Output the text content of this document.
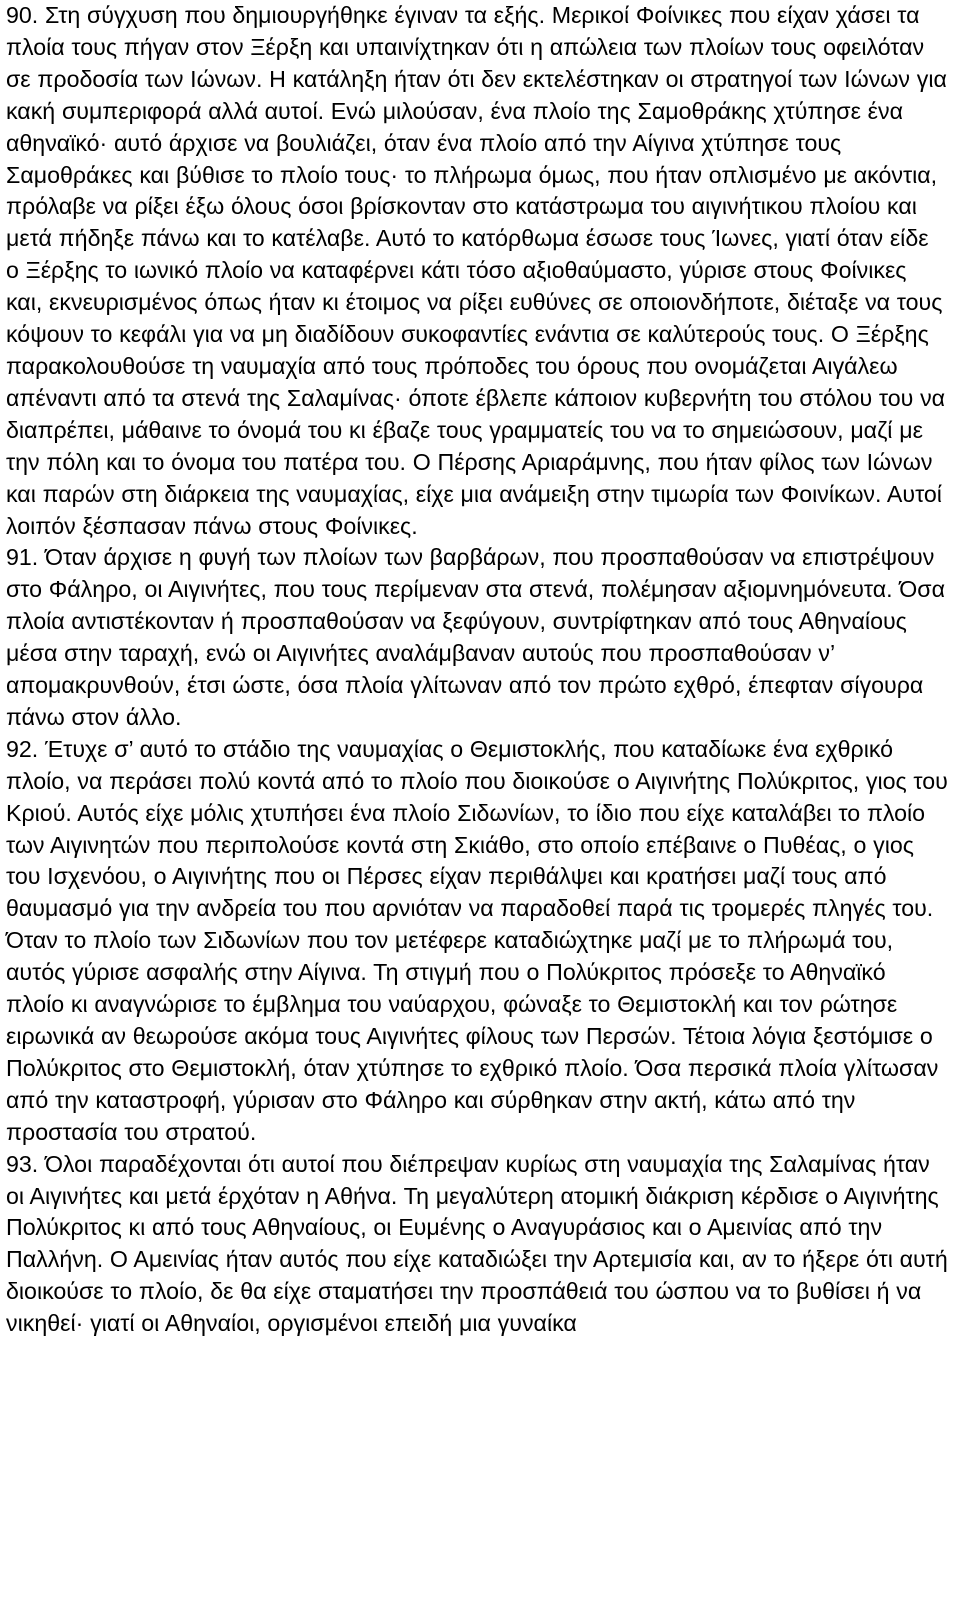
90. Στη σύγχυση που δημιουργήθηκε έγιναν τα εξής. Μερικοί Φοίνικες που είχαν χάσει τα πλοία τους πήγαν στον Ξέρξη και υπαινίχτηκαν ότι η απώλεια των πλοίων τους οφειλόταν σε προδοσία των Ιώνων. Η κατάληξη ήταν ότι δεν εκτελέστηκαν οι στρατηγοί των Ιώνων για κακή συμπεριφορά αλλά αυτοί. Ενώ μιλούσαν, ένα πλοίο της Σαμοθράκης χτύπησε ένα αθηναϊκό· αυτό άρχισε να βουλιάζει, όταν ένα πλοίο από την Αίγινα χτύπησε τους Σαμοθράκες και βύθισε το πλοίο τους· το πλήρωμα όμως, που ήταν οπλισμένο με ακόντια, πρόλαβε να ρίξει έξω όλους όσοι βρίσκονταν στο κατάστρωμα του αιγινήτικου πλοίου και μετά πήδηξε πάνω και το κατέλαβε. Αυτό το κατόρθωμα έσωσε τους Ίωνες, γιατί όταν είδε ο Ξέρξης το ιωνικό πλοίο να καταφέρνει κάτι τόσο αξιοθαύμαστο, γύρισε στους Φοίνικες και, εκνευρισμένος όπως ήταν κι έτοιμος να ρίξει ευθύνες σε οποιονδήποτε, διέταξε να τους κόψουν το κεφάλι για να μη διαδίδουν συκοφαντίες ενάντια σε καλύτερούς τους. Ο Ξέρξης παρακολουθούσε τη ναυμαχία από τους πρόποδες του όρους που ονομάζεται Αιγάλεω απέναντι από τα στενά της Σαλαμίνας· όποτε έβλεπε κάποιον κυβερνήτη του στόλου του να διαπρέπει, μάθαινε το όνομά του κι έβαζε τους γραμματείς του να το σημειώσουν, μαζί με την πόλη και το όνομα του πατέρα του. Ο Πέρσης Αριαράμνης, που ήταν φίλος των Ιώνων και παρών στη διάρκεια της ναυμαχίας, είχε μια ανάμειξη στην τιμωρία των Φοινίκων. Αυτοί λοιπόν ξέσπασαν πάνω στους Φοίνικες.

91. Όταν άρχισε η φυγή των πλοίων των βαρβάρων, που προσπαθούσαν να επιστρέψουν στο Φάληρο, οι Αιγινήτες, που τους περίμεναν στα στενά, πολέμησαν αξιομνημόνευτα. Όσα πλοία αντιστέκονταν ή προσπαθούσαν να ξεφύγουν, συντρίφτηκαν από τους Αθηναίους μέσα στην ταραχή, ενώ οι Αιγινήτες αναλάμβαναν αυτούς που προσπαθούσαν ν’ απομακρυνθούν, έτσι ώστε, όσα πλοία γλίτωναν από τον πρώτο εχθρό, έπεφταν σίγουρα πάνω στον άλλο.

92. Έτυχε σ’ αυτό το στάδιο της ναυμαχίας ο Θεμιστοκλής, που καταδίωκε ένα εχθρικό πλοίο, να περάσει πολύ κοντά από το πλοίο που διοικούσε ο Αιγινήτης Πολύκριτος, γιος του Κριού. Αυτός είχε μόλις χτυπήσει ένα πλοίο Σιδωνίων, το ίδιο που είχε καταλάβει το πλοίο των Αιγινητών που περιπολούσε κοντά στη Σκιάθο, στο οποίο επέβαινε ο Πυθέας, ο γιος του Ισχενόου, ο Αιγινήτης που οι Πέρσες είχαν περιθάλψει και κρατήσει μαζί τους από θαυμασμό για την ανδρεία του που αρνιόταν να παραδοθεί παρά τις τρομερές πληγές του. Όταν το πλοίο των Σιδωνίων που τον μετέφερε καταδιώχτηκε μαζί με το πλήρωμά του, αυτός γύρισε ασφαλής στην Αίγινα. Τη στιγμή που ο Πολύκριτος πρόσεξε το Αθηναϊκό πλοίο κι αναγνώρισε το έμβλημα του ναύαρχου, φώναξε το Θεμιστοκλή και τον ρώτησε ειρωνικά αν θεωρούσε ακόμα τους Αιγινήτες φίλους των Περσών. Τέτοια λόγια ξεστόμισε ο Πολύκριτος στο Θεμιστοκλή, όταν χτύπησε το εχθρικό πλοίο. Όσα περσικά πλοία γλίτωσαν από την καταστροφή, γύρισαν στο Φάληρο και σύρθηκαν στην ακτή, κάτω από την προστασία του στρατού.

93. Όλοι παραδέχονται ότι αυτοί που διέπρεψαν κυρίως στη ναυμαχία της Σαλαμίνας ήταν οι Αιγινήτες και μετά έρχόταν η Αθήνα. Τη μεγαλύτερη ατομική διάκριση κέρδισε ο Αιγινήτης Πολύκριτος κι από τους Αθηναίους, οι Ευμένης ο Αναγυράσιος και ο Αμεινίας από την Παλλήνη. Ο Αμεινίας ήταν αυτός που είχε καταδιώξει την Αρτεμισία και, αν το ήξερε ότι αυτή διοικούσε το πλοίο, δε θα είχε σταματήσει την προσπάθειά του ώσπου να το βυθίσει ή να νικηθεί· γιατί οι Αθηναίοι, οργισμένοι επειδή μια γυναίκα
